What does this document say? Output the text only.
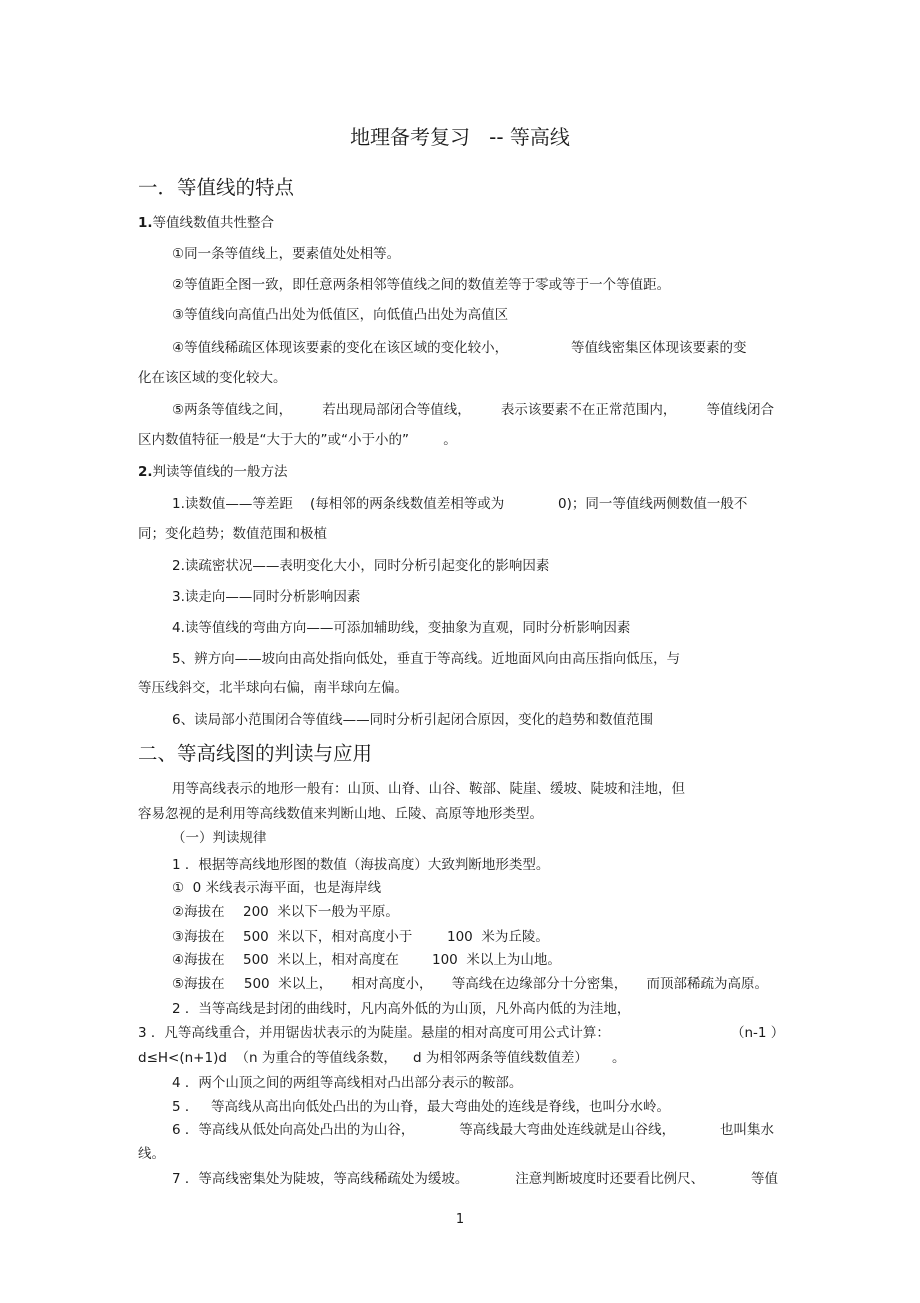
地理备考复习   -- 等高线
一．等值线的特点
1.等值线数值共性整合
①同一条等值线上，要素值处处相等。
②等值距全图一致，即任意两条相邻等值线之间的数值差等于零或等于一个等值距。
③等值线向高值凸出处为低值区，向低值凸出处为高值区
④等值线稀疏区体现该要素的变化在该区域的变化较小，	等值线密集区体现该要素的变
化在该区域的变化较大。
⑤两条等值线之间， 若出现局部闭合等值线， 表示该要素不在正常范围内， 等值线闭合
区内数值特征一般是“大于大的”或“小于小的”        。
2.判读等值线的一般方法
1.读数值——等差距    (每相邻的两条线数值差相等或为	0)；同一等值线两侧数值一般不
同；变化趋势；数值范围和极植
2.读疏密状况——表明变化大小，同时分析引起变化的影响因素
3.读走向——同时分析影响因素
4.读等值线的弯曲方向——可添加辅助线，变抽象为直观，同时分析影响因素
5、辨方向——坡向由高处指向低处，垂直于等高线。近地面风向由高压指向低压，与
等压线斜交，北半球向右偏，南半球向左偏。
6、读局部小范围闭合等值线——同时分析引起闭合原因，变化的趋势和数值范围
二、等高线图的判读与应用
用等高线表示的地形一般有：山顶、山脊、山谷、鞍部、陡崖、缓坡、陡坡和洼地，但
容易忽视的是利用等高线数值来判断山地、丘陵、高原等地形类型。
（一）判读规律
1 ．根据等高线地形图的数值（海拔高度）大致判断地形类型。
①  0 米线表示海平面，也是海岸线
②海拔在 200  米以下一般为平原。
③海拔在 500  米以下，相对高度小于	100  米为丘陵。
④海拔在 500  米以上，相对高度在 100  米以上为山地。
⑤海拔在 500  米以上， 相对高度小， 等高线在边缘部分十分密集， 而顶部稀疏为高原。
2 ．当等高线是封闭的曲线时，凡内高外低的为山顶，凡外高内低的为洼地，
3 ．凡等高线重合，并用锯齿状表示的为陡崖。悬崖的相对高度可用公式计算：	（n-1 ）
d≤H<(n+1)d  （n 为重合的等值线条数， d 为相邻两条等值线数值差） 。
4 ．两个山顶之间的两组等高线相对凸出部分表示的鞍部。
5 ． 等高线从高出向低处凸出的为山脊，最大弯曲处的连线是脊线，也叫分水岭。
6 ．等高线从低处向高处凸出的为山谷，	等高线最大弯曲处连线就是山谷线，	也叫集水
线。
7 ．等高线密集处为陡坡，等高线稀疏处为缓坡。	注意判断坡度时还要看比例尺、	等值
1
